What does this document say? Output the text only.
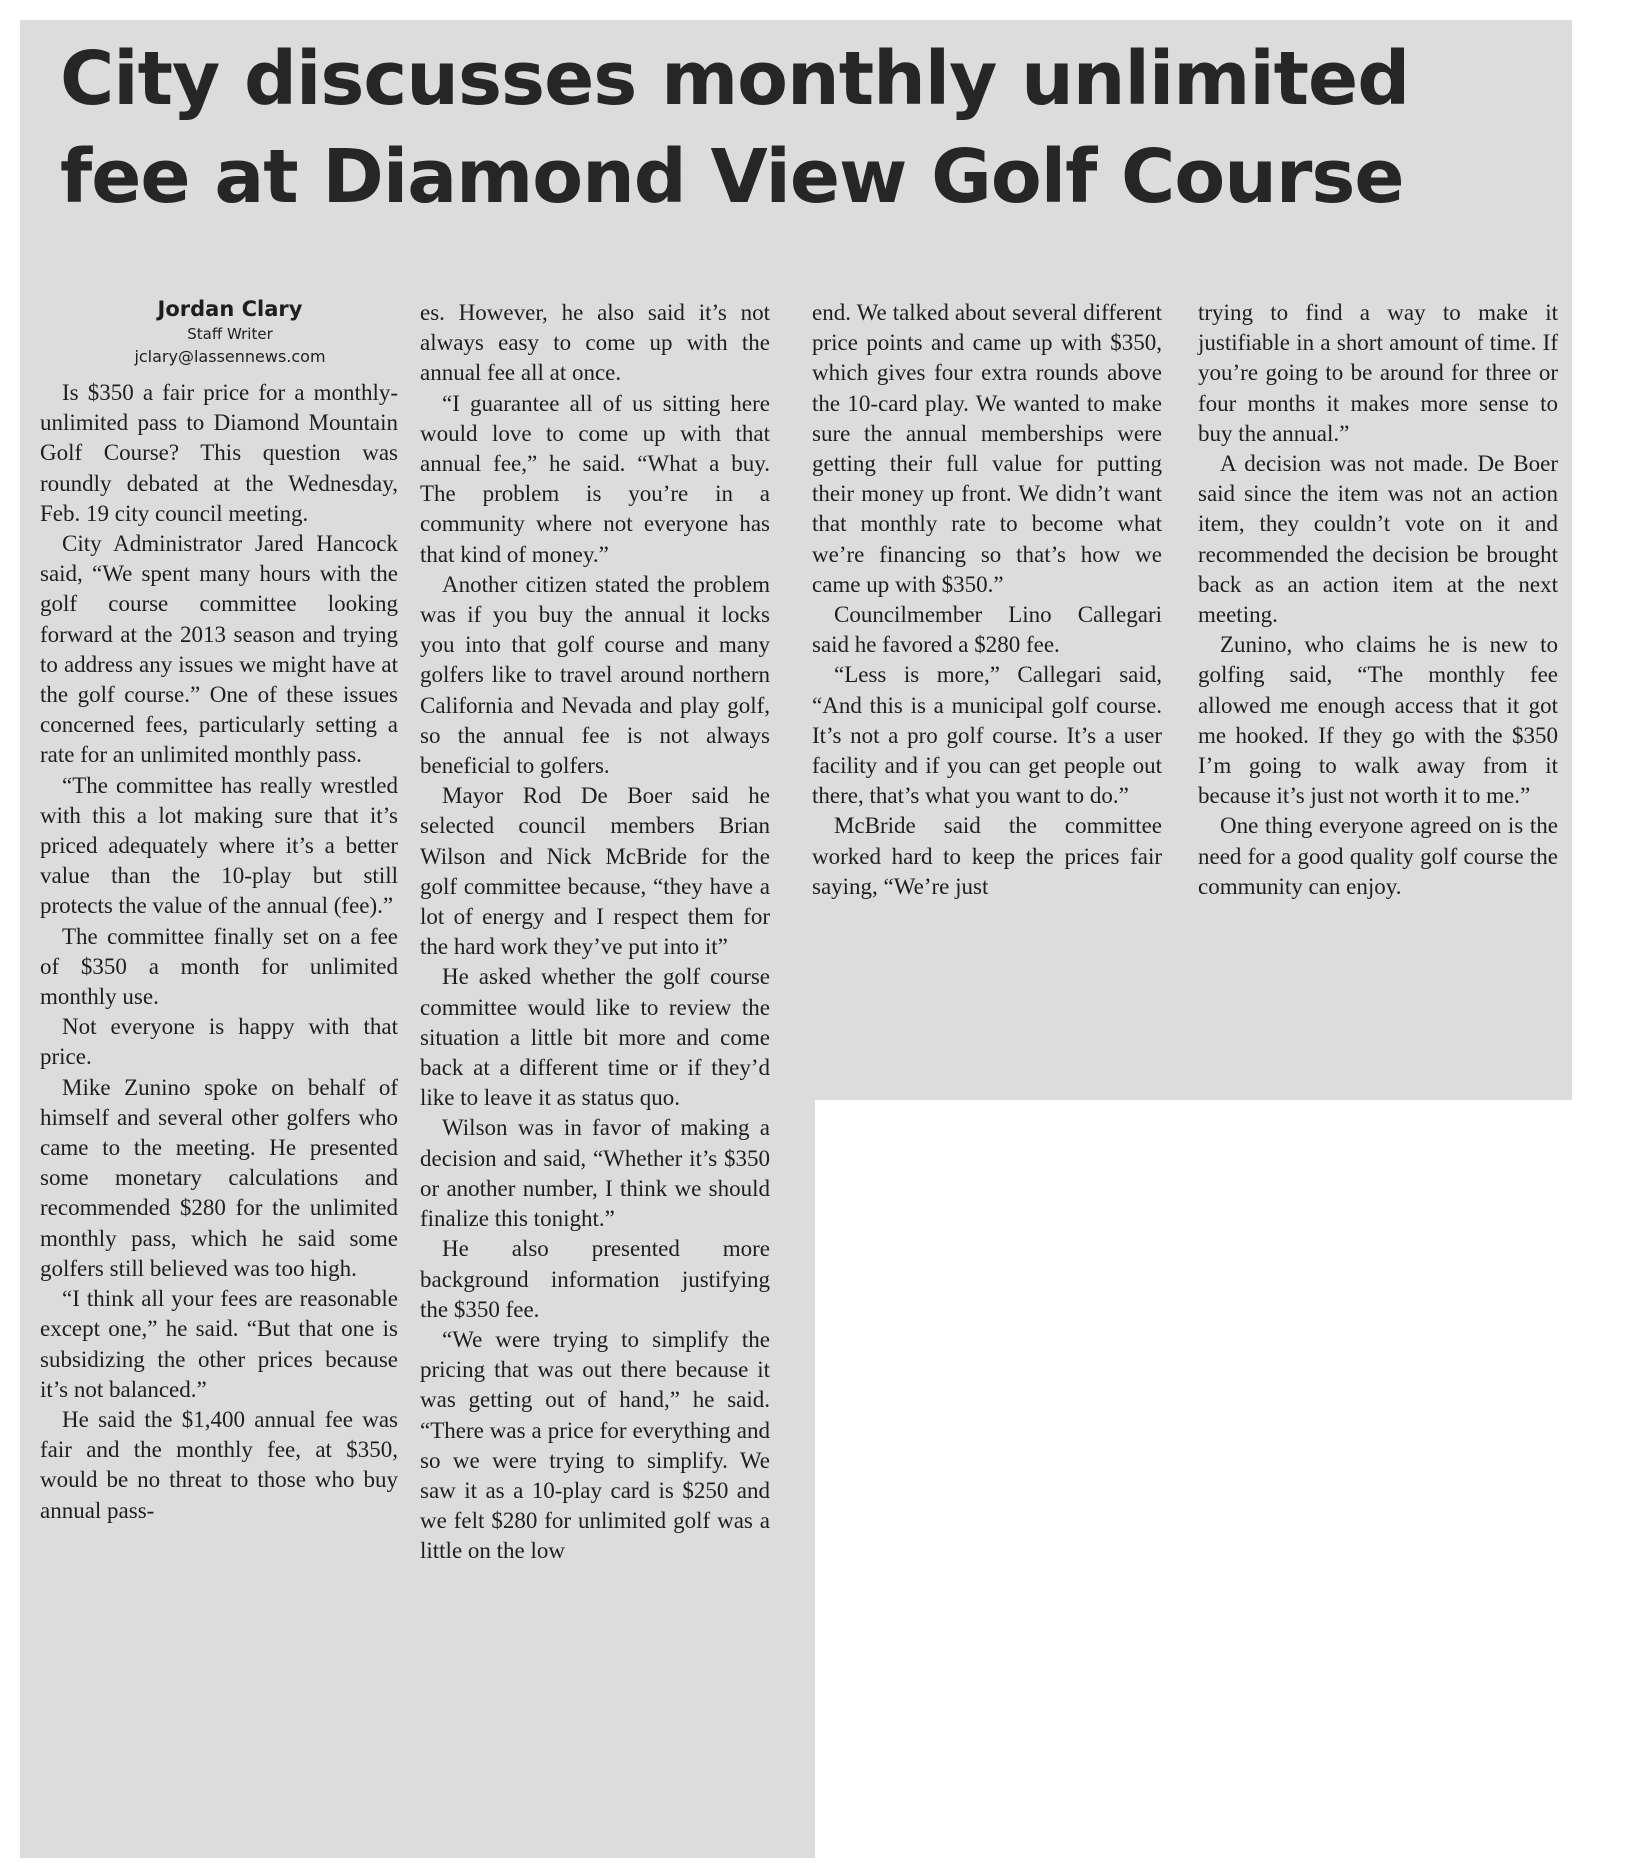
City discusses monthly unlimited fee at Diamond View Golf Course
Jordan Clary
Staff Writer
jclary@lassennews.com

Is $350 a fair price for a monthly-unlimited pass to Diamond Mountain Golf Course? This question was roundly debated at the Wednesday, Feb. 19 city council meeting.

City Administrator Jared Hancock said, “We spent many hours with the golf course committee looking forward at the 2013 season and trying to address any issues we might have at the golf course.” One of these issues concerned fees, particularly setting a rate for an unlimited monthly pass.

“The committee has really wrestled with this a lot making sure that it’s priced adequately where it’s a better value than the 10-play but still protects the value of the annual (fee).”

The committee finally set on a fee of $350 a month for unlimited monthly use.

Not everyone is happy with that price.

Mike Zunino spoke on behalf of himself and several other golfers who came to the meeting. He presented some monetary calculations and recommended $280 for the unlimited monthly pass, which he said some golfers still believed was too high.

“I think all your fees are reasonable except one,” he said. “But that one is subsidizing the other prices because it’s not balanced.”

He said the $1,400 annual fee was fair and the monthly fee, at $350, would be no threat to those who buy annual pass-

es. However, he also said it’s not always easy to come up with the annual fee all at once.

“I guarantee all of us sitting here would love to come up with that annual fee,” he said. “What a buy. The problem is you’re in a community where not everyone has that kind of money.”

Another citizen stated the problem was if you buy the annual it locks you into that golf course and many golfers like to travel around northern California and Nevada and play golf, so the annual fee is not always beneficial to golfers.

Mayor Rod De Boer said he selected council members Brian Wilson and Nick McBride for the golf committee because, “they have a lot of energy and I respect them for the hard work they’ve put into it”

He asked whether the golf course committee would like to review the situation a little bit more and come back at a different time or if they’d like to leave it as status quo.

Wilson was in favor of making a decision and said, “Whether it’s $350 or another number, I think we should finalize this tonight.”

He also presented more background information justifying the $350 fee.

“We were trying to simplify the pricing that was out there because it was getting out of hand,” he said. “There was a price for everything and so we were trying to simplify. We saw it as a 10-play card is $250 and we felt $280 for unlimited golf was a little on the low

end. We talked about several different price points and came up with $350, which gives four extra rounds above the 10-card play. We wanted to make sure the annual memberships were getting their full value for putting their money up front. We didn’t want that monthly rate to become what we’re financing so that’s how we came up with $350.”

Councilmember Lino Callegari said he favored a $280 fee.

“Less is more,” Callegari said, “And this is a municipal golf course. It’s not a pro golf course. It’s a user facility and if you can get people out there, that’s what you want to do.”

McBride said the committee worked hard to keep the prices fair saying, “We’re just

trying to find a way to make it justifiable in a short amount of time. If you’re going to be around for three or four months it makes more sense to buy the annual.”

A decision was not made. De Boer said since the item was not an action item, they couldn’t vote on it and recommended the decision be brought back as an action item at the next meeting.

Zunino, who claims he is new to golfing said, “The monthly fee allowed me enough access that it got me hooked. If they go with the $350 I’m going to walk away from it because it’s just not worth it to me.”

One thing everyone agreed on is the need for a good quality golf course the community can enjoy.
